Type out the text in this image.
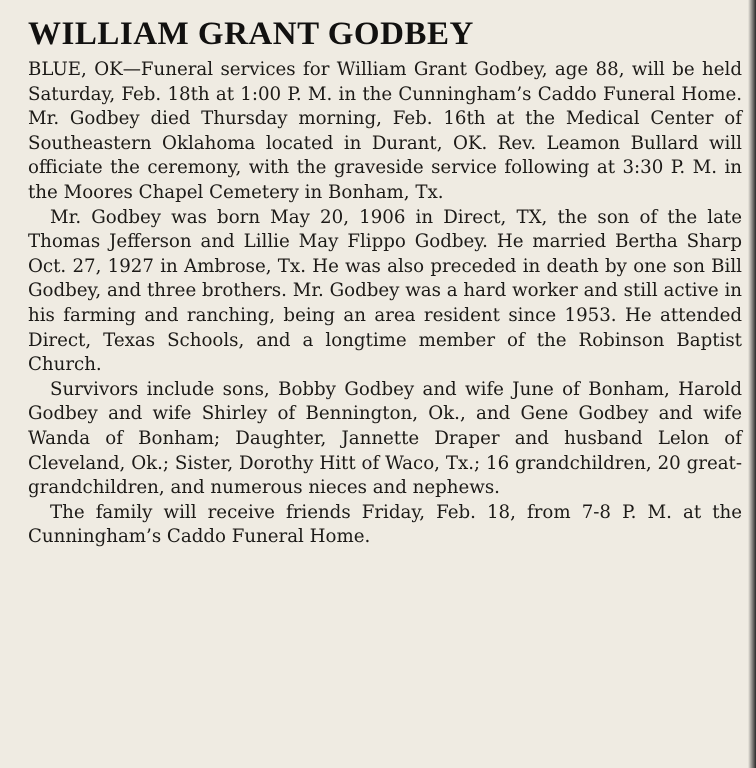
WILLIAM GRANT GODBEY

BLUE, OK—Funeral services for William Grant Godbey, age 88, will be held Saturday, Feb. 18th at 1:00 P. M. in the Cunningham’s Caddo Funeral Home. Mr. Godbey died Thursday morning, Feb. 16th at the Medical Center of Southeastern Oklahoma located in Durant, OK. Rev. Leamon Bullard will officiate the ceremony, with the graveside service following at 3:30 P. M. in the Moores Chapel Cemetery in Bonham, Tx.

Mr. Godbey was born May 20, 1906 in Direct, TX, the son of the late Thomas Jefferson and Lillie May Flippo Godbey. He married Bertha Sharp Oct. 27, 1927 in Ambrose, Tx. He was also preceded in death by one son Bill Godbey, and three brothers. Mr. Godbey was a hard worker and still active in his farming and ranching, being an area resident since 1953. He attended Direct, Texas Schools, and a longtime member of the Robinson Baptist Church.

Survivors include sons, Bobby Godbey and wife June of Bonham, Harold Godbey and wife Shirley of Bennington, Ok., and Gene Godbey and wife Wanda of Bonham; Daughter, Jannette Draper and husband Lelon of Cleveland, Ok.; Sister, Dorothy Hitt of Waco, Tx.; 16 grandchildren, 20 great-grandchildren, and numerous nieces and nephews.

The family will receive friends Friday, Feb. 18, from 7-8 P. M. at the Cunningham’s Caddo Funeral Home.
